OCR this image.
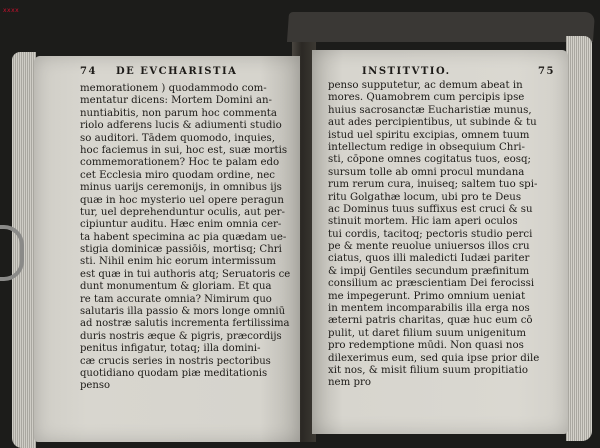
xxxx
74 DE EVCHARISTIA
memorationem ) quodammodo com-
mentatur dicens: Mortem Domini an-
nuntiabitis, non parum hoc commenta
riolo adferens lucis & adiumenti studio
so auditori. Tādem quomodo, inquies,
hoc faciemus in sui, hoc est, suæ mortis
commemorationem? Hoc te palam edo
cet Ecclesia miro quodam ordine, nec
minus uarijs ceremonijs, in omnibus ijs
quæ in hoc mysterio uel opere peragun
tur, uel deprehenduntur oculis, aut per-
cipiuntur auditu. Hæc enim omnia cer-
ta habent specimina ac pia quædam ue-
stigia dominicæ passiōis, mortisq; Chri
sti. Nihil enim hic eorum intermissum
est quæ in tui authoris atq; Seruatoris ce
dunt monumentum & gloriam. Et qua
re tam accurate omnia? Nimirum quo
salutaris illa passio & mors longe omniū
ad nostræ salutis incrementa fertilissima
duris nostris æque & pigris, præcordijs
penitus infigatur, totaq; illa domini-
cæ crucis series in nostris pectoribus
quotidiano quodam piæ meditationis
penso
INSTITVTIO.	75
penso supputetur, ac demum abeat in
mores. Quamobrem cum percipis ipse
huius sacrosanctæ Eucharistiæ munus,
aut ades percipientibus, ut subinde & tu
istud uel spiritu excipias, omnem tuum
intellectum redige in obsequium Chri-
sti, cōpone omnes cogitatus tuos, eosq;
sursum tolle ab omni procul mundana
rum rerum cura, inuiseq; saltem tuo spi-
ritu Golgathæ locum, ubi pro te Deus
ac Dominus tuus suffixus est cruci & su
stinuit mortem. Hic iam aperi oculos
tui cordis, tacitoq; pectoris studio perci
pe & mente reuolue uniuersos illos cru
ciatus, quos illi maledicti Iudæi pariter
& impij Gentiles secundum præfinitum
consilium ac præscientiam Dei ferocissi
me impegerunt. Primo omnium ueniat
in mentem incomparabilis illa erga nos
æterni patris charitas, quæ huc eum cō
pulit, ut daret filium suum unigenitum
pro redemptione mūdi. Non quasi nos
dilexerimus eum, sed quia ipse prior dile
xit nos, & misit filium suum propitiatio
nem pro
